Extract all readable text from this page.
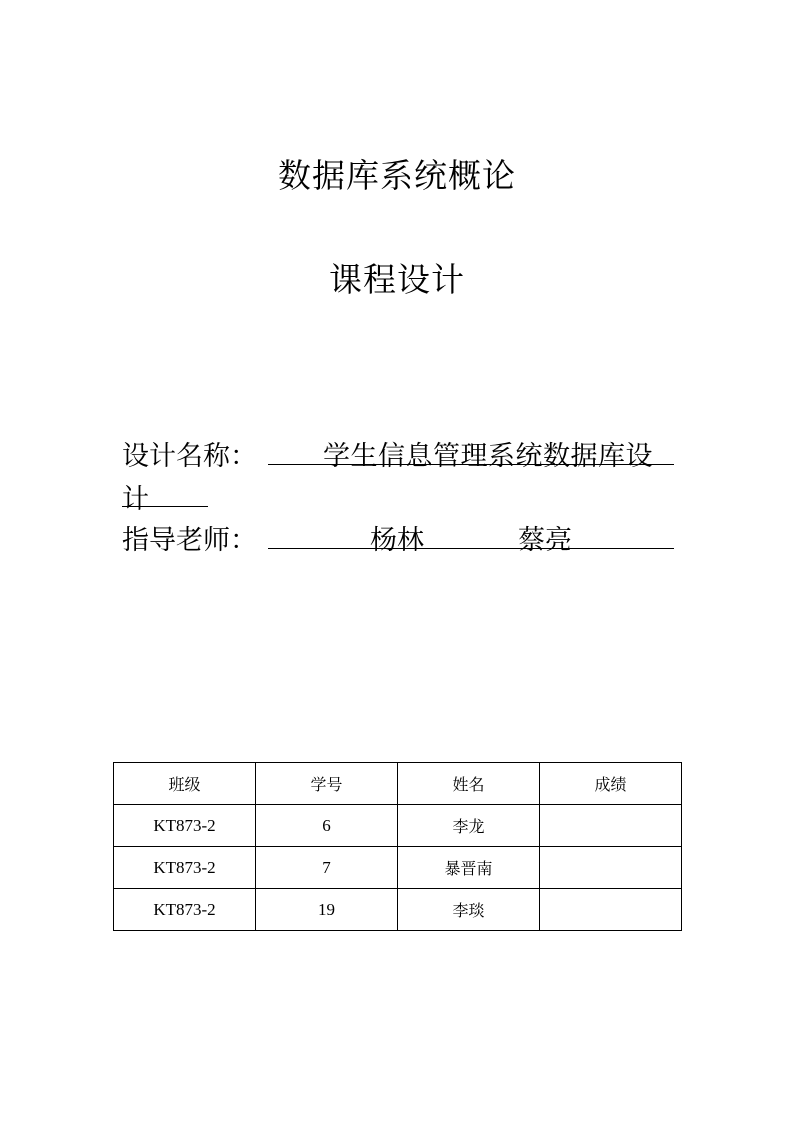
数据库系统概论
课程设计
设计名称： 学生信息管理系统数据库设
计
指导老师：	杨林	蔡亮
班级	学号	姓名	成绩
KT873-2	6	李龙	
KT873-2	7	暴晋南	
KT873-2	19	李琰	
